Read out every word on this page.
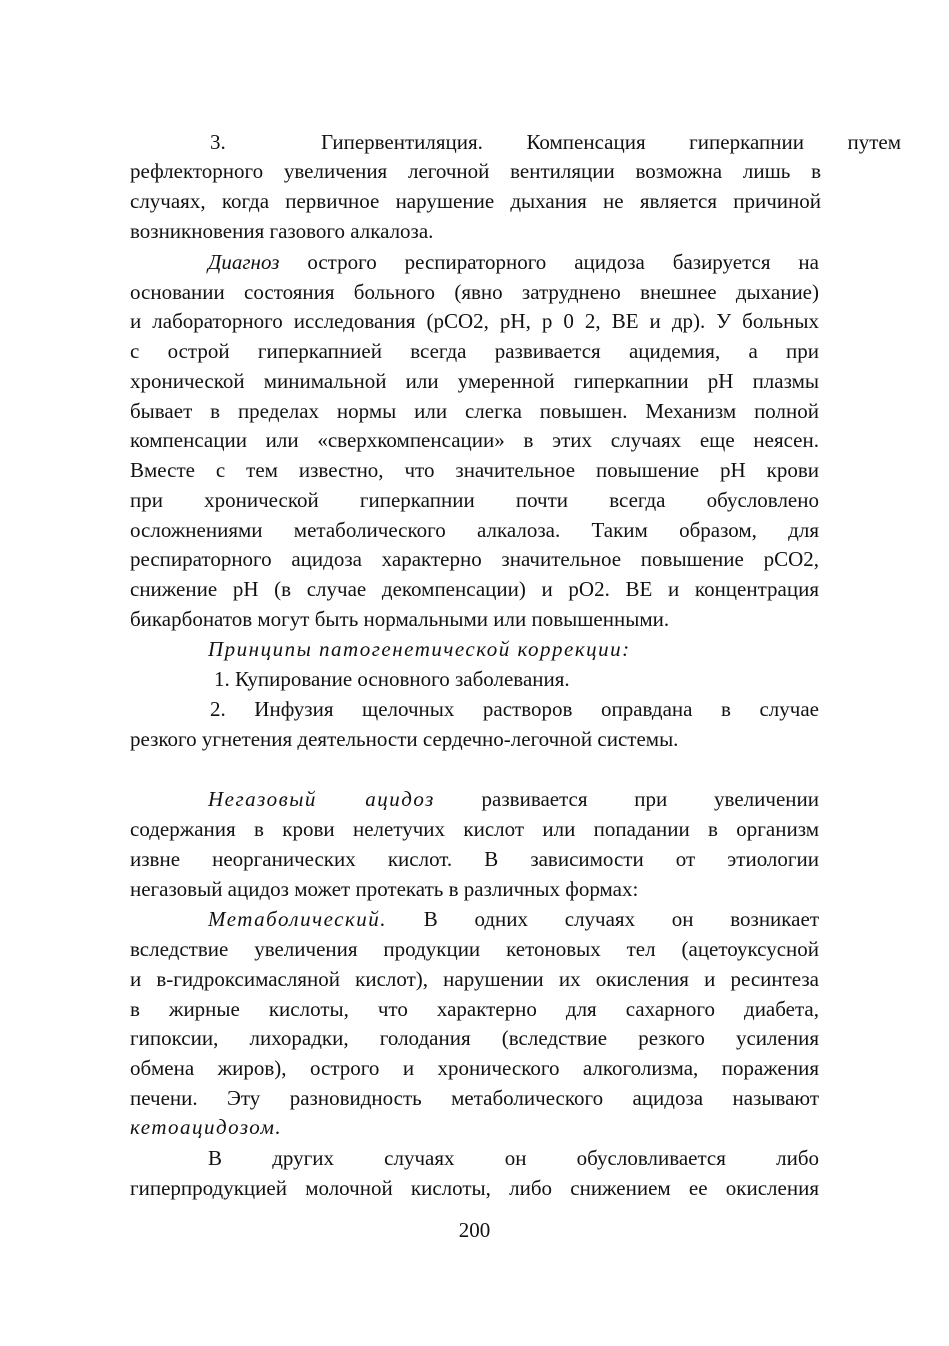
3.	Гипервентиляция. Компенсация гиперкапнии путем
рефлекторного увеличения легочной вентиляции возможна лишь в
случаях, когда первичное нарушение дыхания не является причиной
возникновения газового алкалоза.
Диагноз острого респираторного ацидоза базируется на
основании состояния больного (явно затруднено внешнее дыхание)
и лабораторного исследования (pCO2, pH, p 0 2, BE и др). У больных
с острой гиперкапнией всегда развивается ацидемия, а при
хронической минимальной или умеренной гиперкапнии pH плазмы
бывает в пределах нормы или слегка повышен. Механизм полной
компенсации или «сверхкомпенсации» в этих случаях еще неясен.
Вместе с тем известно, что значительное повышение pH крови
при хронической гиперкапнии почти всегда обусловлено
осложнениями метаболического алкалоза. Таким образом, для
респираторного ацидоза характерно значительное повышение pCO2,
снижение pH (в случае декомпенсации) и pO2. BE и концентрация
бикарбонатов могут быть нормальными или повышенными.
Принципы патогенетической коррекции:
1. Купирование основного заболевания.
2. Инфузия щелочных растворов оправдана в случае
резкого угнетения деятельности сердечно-легочной системы.
Негазовый ацидоз развивается при увеличении
содержания в крови нелетучих кислот или попадании в организм
извне неорганических кислот. В зависимости от этиологии
негазовый ацидоз может протекать в различных формах:
Метаболический. В одних случаях он возникает
вследствие увеличения продукции кетоновых тел (ацетоуксусной
и в-гидроксимасляной кислот), нарушении их окисления и ресинтеза
в жирные кислоты, что характерно для сахарного диабета,
гипоксии, лихорадки, голодания (вследствие резкого усиления
обмена жиров), острого и хронического алкоголизма, поражения
печени. Эту разновидность метаболического ацидоза называют
кетоацидозом.
В других случаях он обусловливается либо
гиперпродукцией молочной кислоты, либо снижением ее окисления
200
